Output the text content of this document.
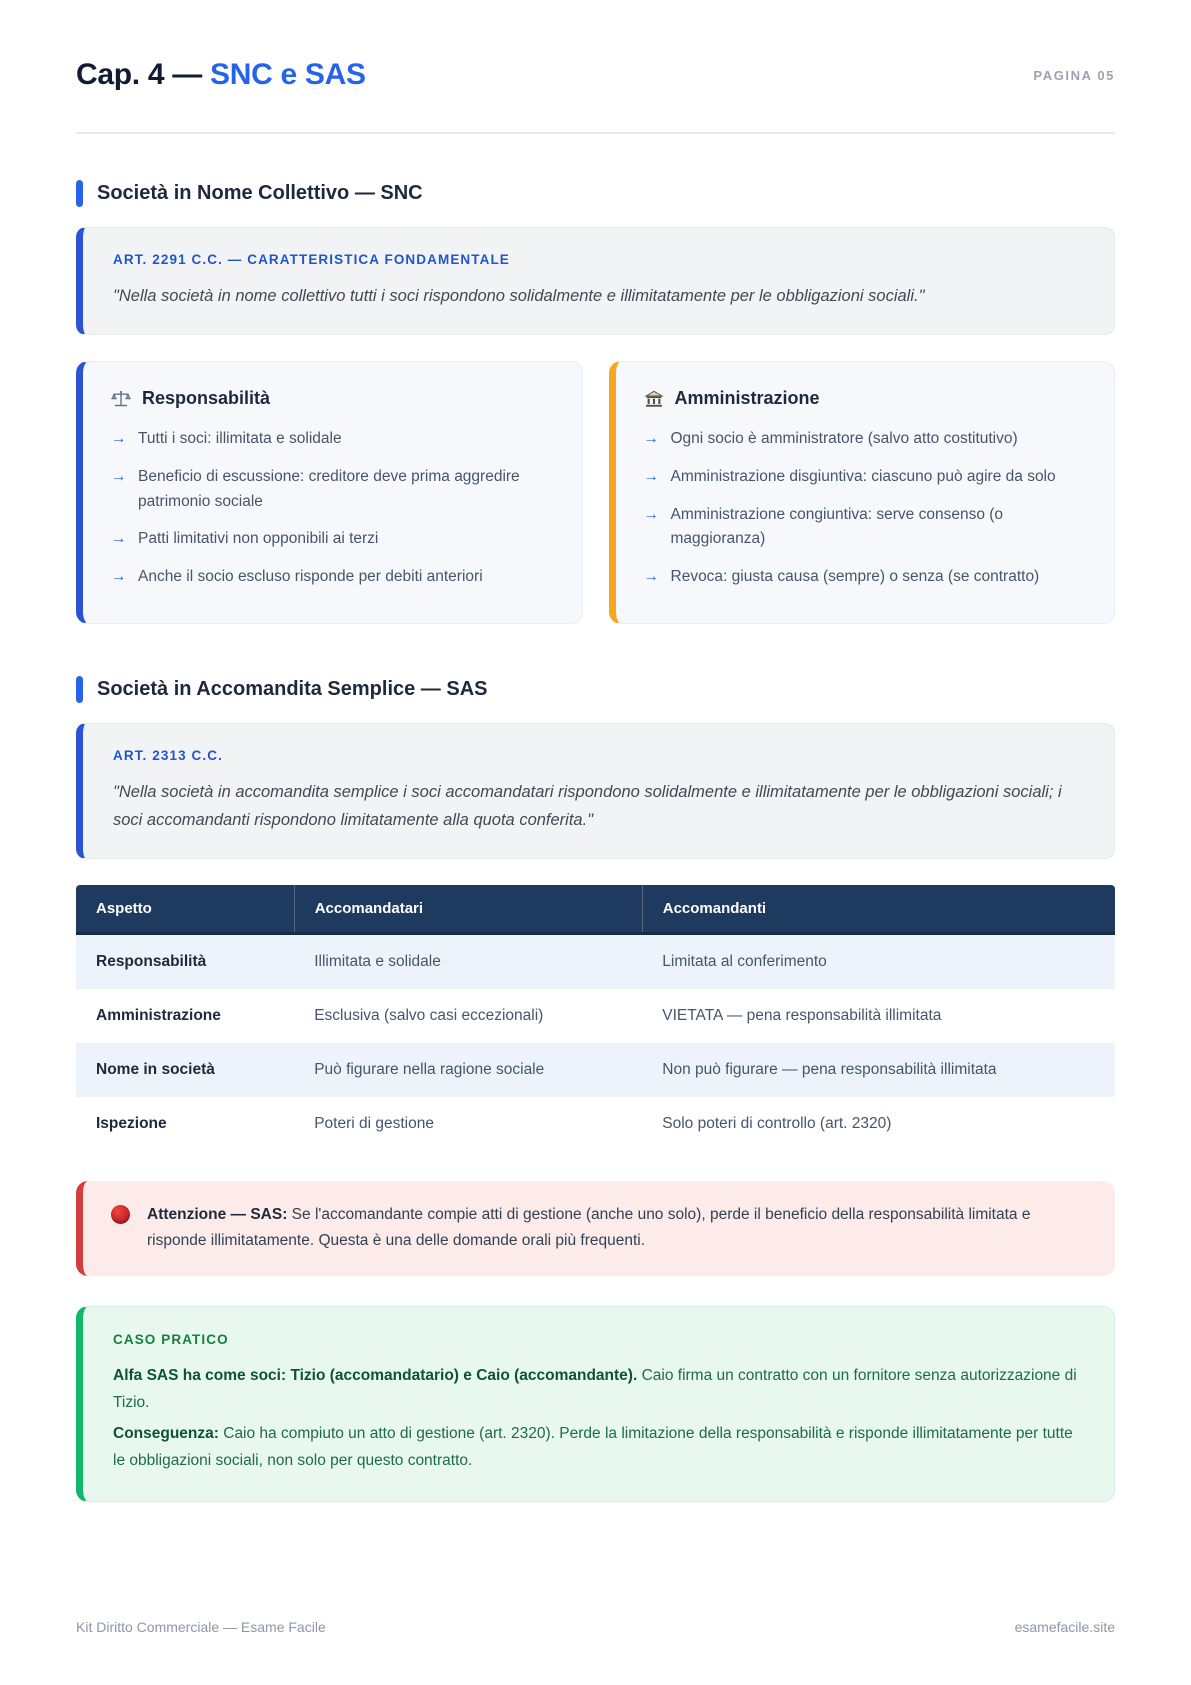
Cap. 4 — SNC e SAS	PAGINA 05
Società in Nome Collettivo — SNC
ART. 2291 C.C. — CARATTERISTICA FONDAMENTALE
"Nella società in nome collettivo tutti i soci rispondono solidalmente e illimitatamente per le obbligazioni sociali."
Responsabilità
→ Tutti i soci: illimitata e solidale
→ Beneficio di escussione: creditore deve prima aggredire patrimonio sociale
→ Patti limitativi non opponibili ai terzi
→ Anche il socio escluso risponde per debiti anteriori
Amministrazione
→ Ogni socio è amministratore (salvo atto costitutivo)
→ Amministrazione disgiuntiva: ciascuno può agire da solo
→ Amministrazione congiuntiva: serve consenso (o maggioranza)
→ Revoca: giusta causa (sempre) o senza (se contratto)
Società in Accomandita Semplice — SAS
ART. 2313 C.C.
"Nella società in accomandita semplice i soci accomandatari rispondono solidalmente e illimitatamente per le obbligazioni sociali; i soci accomandanti rispondono limitatamente alla quota conferita."
Aspetto	Accomandatari	Accomandanti
Responsabilità	Illimitata e solidale	Limitata al conferimento
Amministrazione	Esclusiva (salvo casi eccezionali)	VIETATA — pena responsabilità illimitata
Nome in società	Può figurare nella ragione sociale	Non può figurare — pena responsabilità illimitata
Ispezione	Poteri di gestione	Solo poteri di controllo (art. 2320)
Attenzione — SAS: Se l'accomandante compie atti di gestione (anche uno solo), perde il beneficio della responsabilità limitata e risponde illimitatamente. Questa è una delle domande orali più frequenti.
CASO PRATICO
Alfa SAS ha come soci: Tizio (accomandatario) e Caio (accomandante). Caio firma un contratto con un fornitore senza autorizzazione di Tizio.
Conseguenza: Caio ha compiuto un atto di gestione (art. 2320). Perde la limitazione della responsabilità e risponde illimitatamente per tutte le obbligazioni sociali, non solo per questo contratto.
Kit Diritto Commerciale — Esame Facile	esamefacile.site
